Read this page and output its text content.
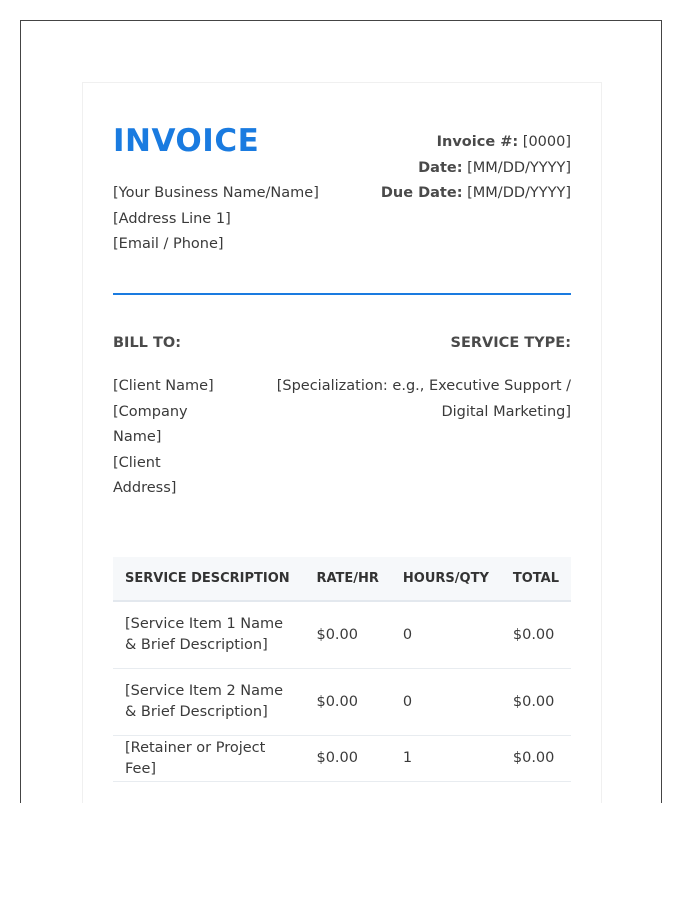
INVOICE
[Your Business Name/Name]
[Address Line 1]
[Email / Phone]
Invoice #: [0000]
Date: [MM/DD/YYYY]
Due Date: [MM/DD/YYYY]
BILL TO:	SERVICE TYPE:
[Client Name]
[Company Name]
[Client Address]
[Specialization: e.g., Executive Support / Digital Marketing]
SERVICE DESCRIPTION	RATE/HR	HOURS/QTY	TOTAL
[Service Item 1 Name & Brief Description]	$0.00	0	$0.00
[Service Item 2 Name & Brief Description]	$0.00	0	$0.00
[Retainer or Project Fee]	$0.00	1	$0.00
